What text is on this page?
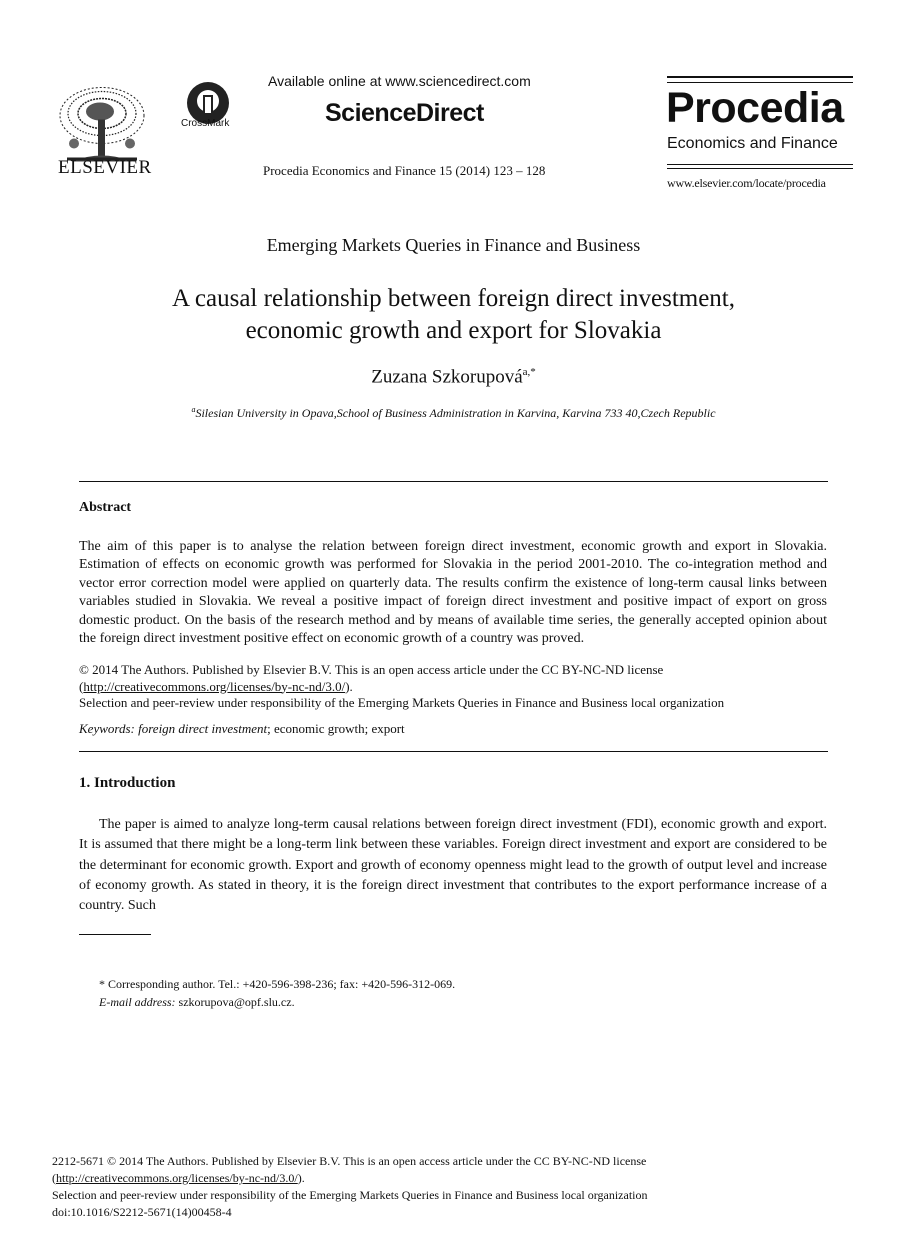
ELSEVIER
CrossMark
Available online at www.sciencedirect.com
ScienceDirect
Procedia Economics and Finance 15 (2014) 123 – 128
Procedia
Economics and Finance
www.elsevier.com/locate/procedia
Emerging Markets Queries in Finance and Business
A causal relationship between foreign direct investment,
economic growth and export for Slovakia
Zuzana Szkorupová$^{a,*}$
$^a$Silesian University in Opava,School of Business Administration in Karvina, Karvina 733 40,Czech Republic
Abstract
The aim of this paper is to analyse the relation between foreign direct investment, economic growth and export in Slovakia. Estimation of effects on economic growth was performed for Slovakia in the period 2001-2010. The co-integration method and vector error correction model were applied on quarterly data. The results confirm the existence of long-term causal links between variables studied in Slovakia. We reveal a positive impact of foreign direct investment and positive impact of export on gross domestic product. On the basis of the research method and by means of available time series, the generally accepted opinion about the foreign direct investment positive effect on economic growth of a country was proved.
© 2014 The Authors. Published by Elsevier B.V. This is an open access article under the CC BY-NC-ND license
(http://creativecommons.org/licenses/by-nc-nd/3.0/).
Selection and peer-review under responsibility of the Emerging Markets Queries in Finance and Business local organization
Keywords: foreign direct investment; economic growth; export
1. Introduction
The paper is aimed to analyze long-term causal relations between foreign direct investment (FDI), economic growth and export. It is assumed that there might be a long-term link between these variables. Foreign direct investment and export are considered to be the determinant for economic growth. Export and growth of economy openness might lead to the growth of output level and increase of economy growth. As stated in theory, it is the foreign direct investment that contributes to the export performance increase of a country. Such
* Corresponding author. Tel.: +420-596-398-236; fax: +420-596-312-069.
E-mail address: szkorupova@opf.slu.cz.
2212-5671 © 2014 The Authors. Published by Elsevier B.V. This is an open access article under the CC BY-NC-ND license
(http://creativecommons.org/licenses/by-nc-nd/3.0/).
Selection and peer-review under responsibility of the Emerging Markets Queries in Finance and Business local organization
doi:10.1016/S2212-5671(14)00458-4
